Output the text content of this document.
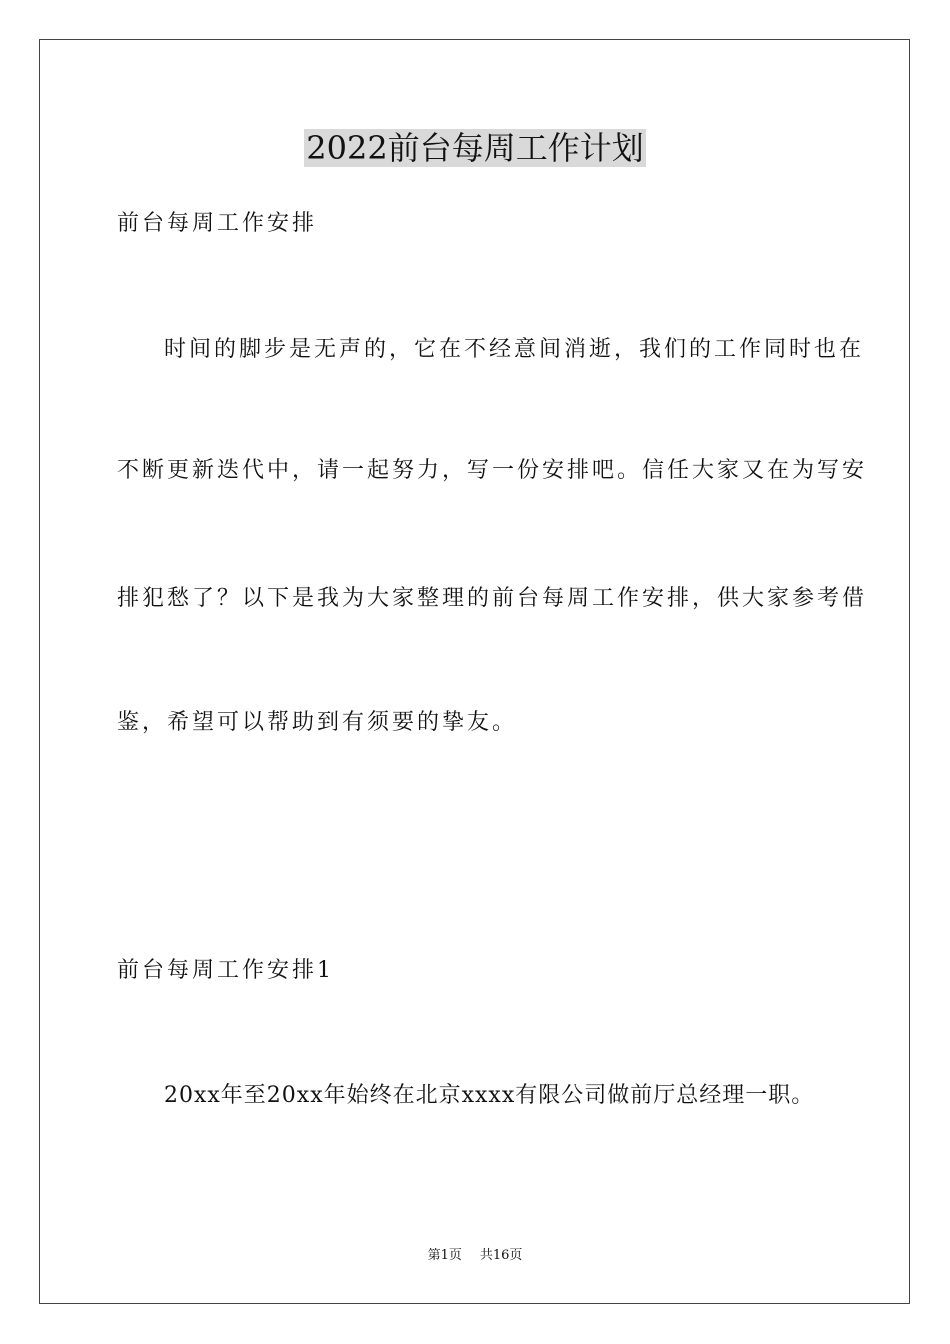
2022前台每周工作计划
前台每周工作安排
时间的脚步是无声的，它在不经意间消逝，我们的工作同时也在
不断更新迭代中，请一起努力，写一份安排吧。信任大家又在为写安
排犯愁了？以下是我为大家整理的前台每周工作安排，供大家参考借
鉴，希望可以帮助到有须要的挚友。
前台每周工作安排1
20xx年至20xx年始终在北京xxxx有限公司做前厅总经理一职。
第1页 共16页
